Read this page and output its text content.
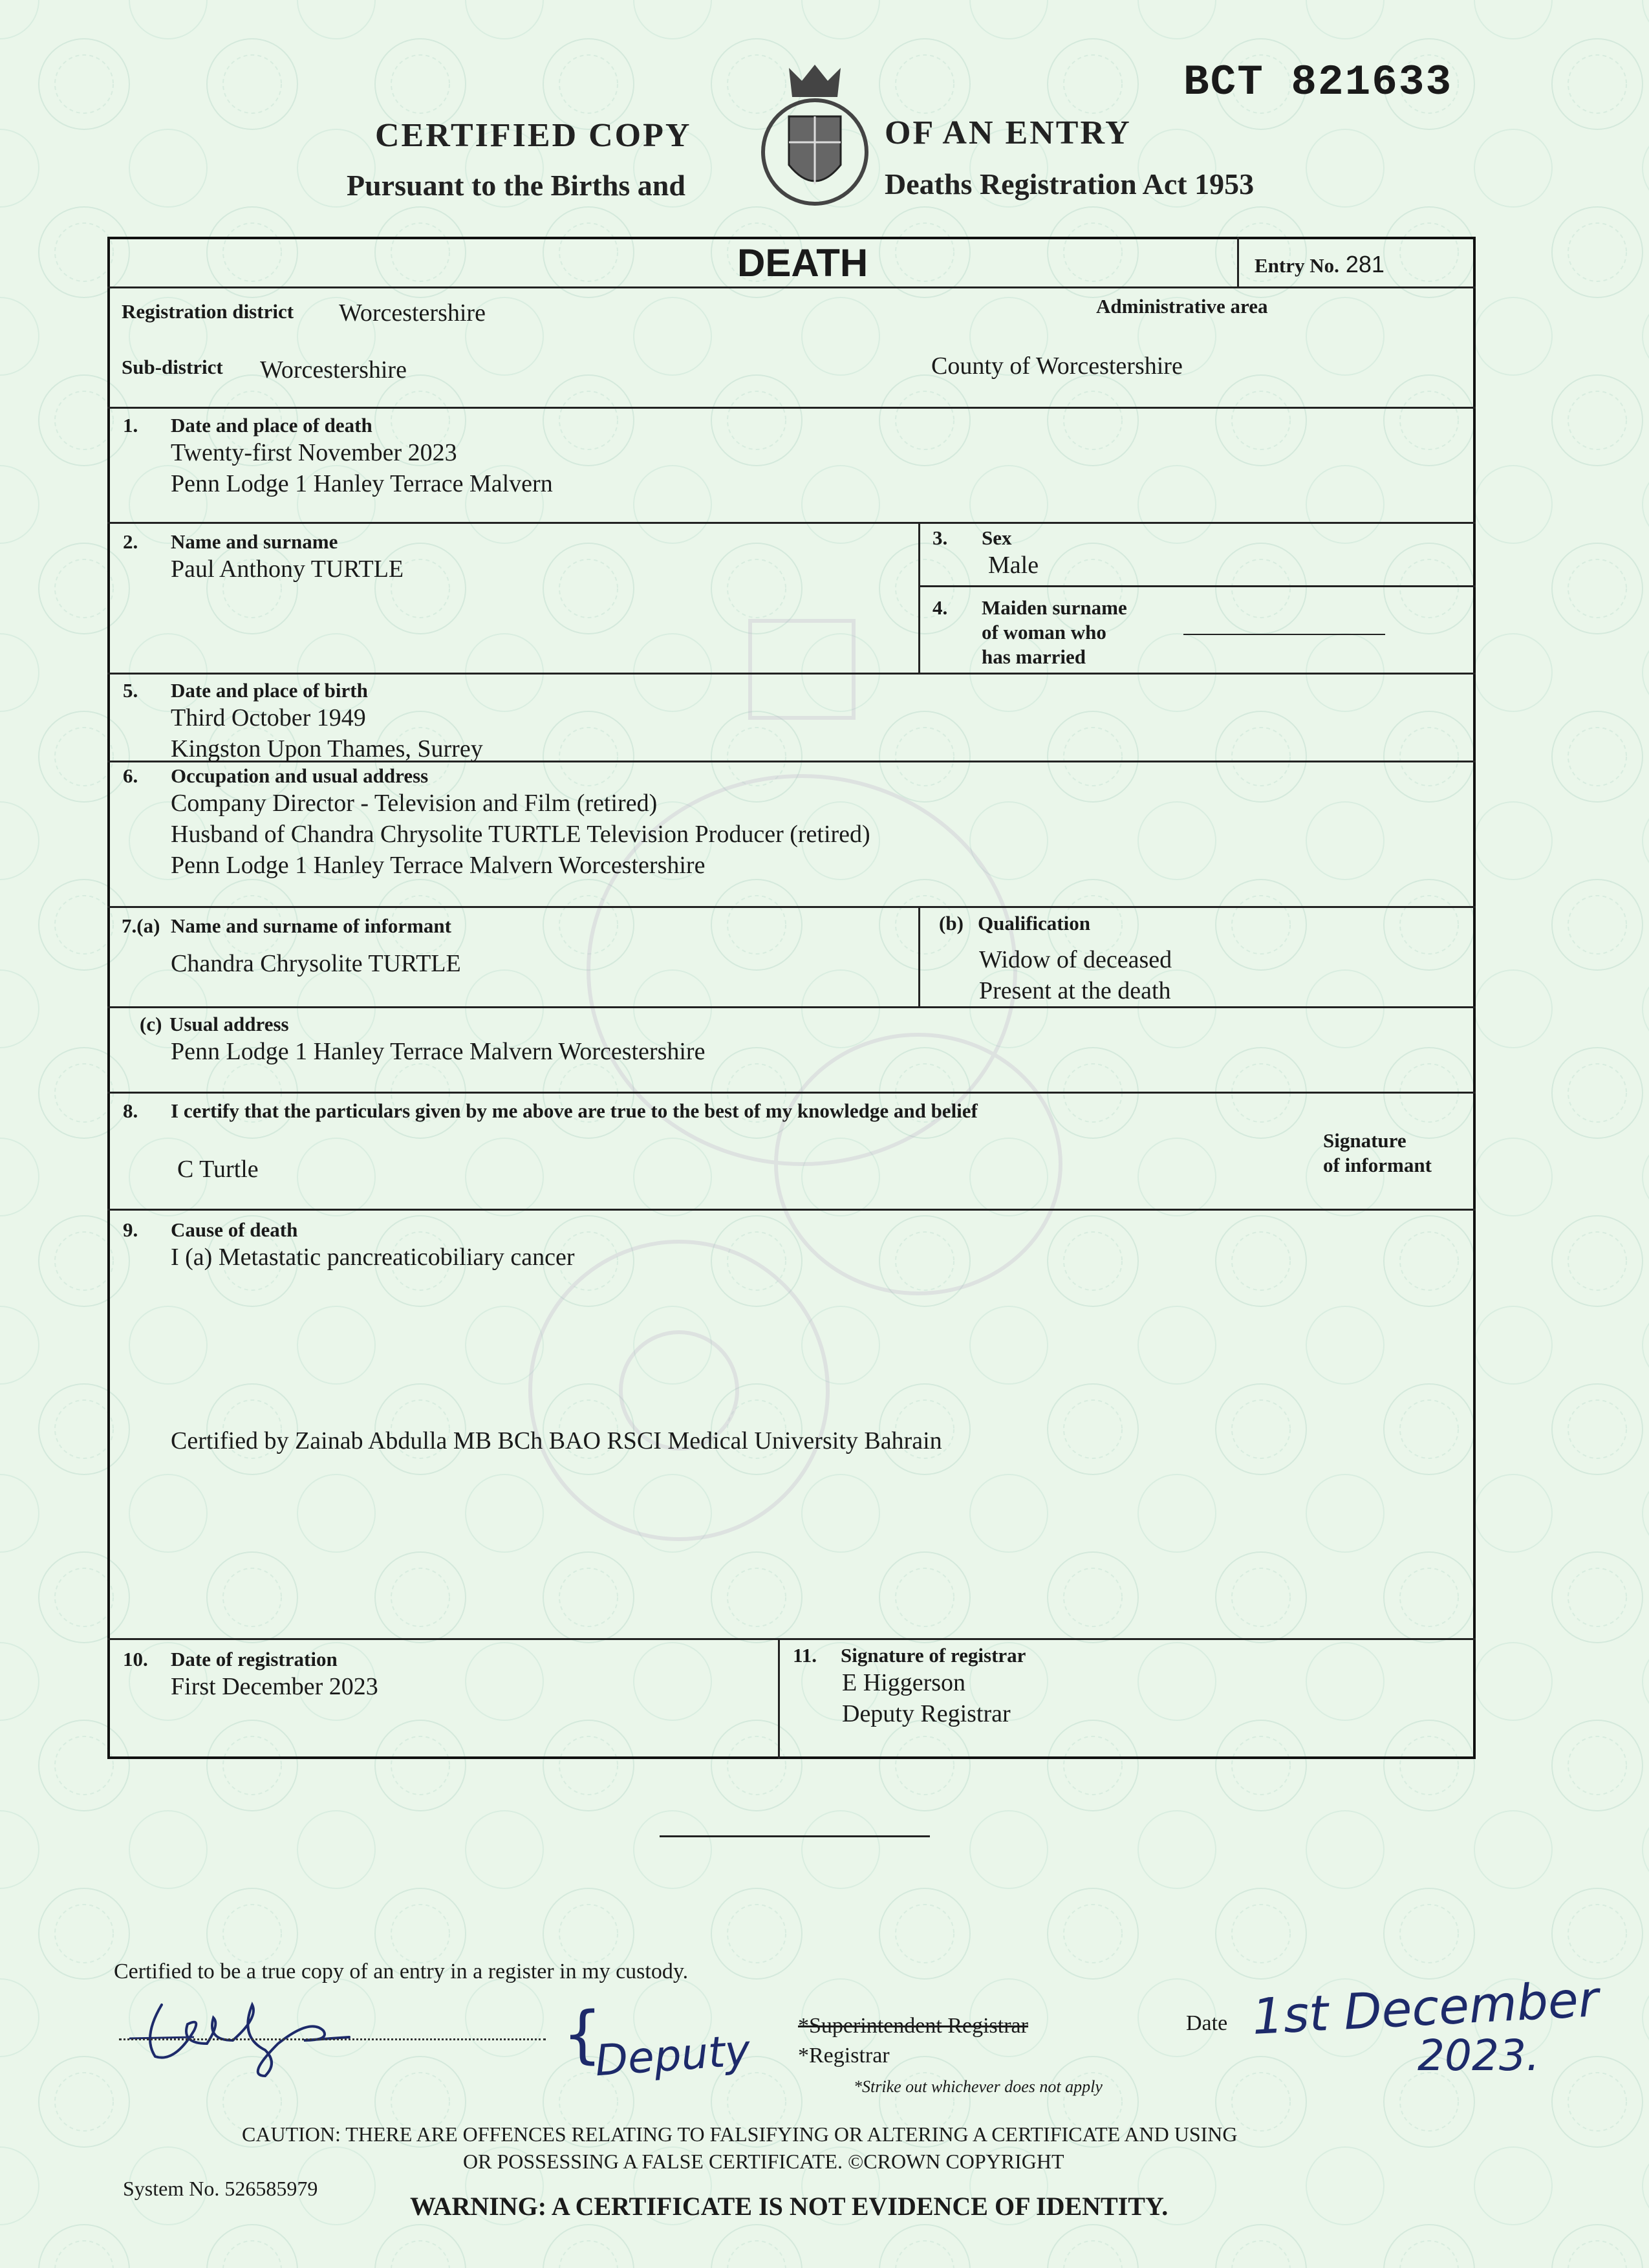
BCT 821633
CERTIFIED COPY	OF AN ENTRY
Pursuant to the Births and	Deaths Registration Act 1953
DEATH	Entry No. 281
Registration district Worcestershire	Administrative area
Sub-district Worcestershire	County of Worcestershire
1. Date and place of death
Twenty-first November 2023
Penn Lodge 1 Hanley Terrace Malvern
2. Name and surname
Paul Anthony TURTLE
3. Sex
Male
4. Maiden surname
of woman who
has married
5. Date and place of birth
Third October 1949
Kingston Upon Thames, Surrey
6. Occupation and usual address
Company Director - Television and Film (retired)
Husband of Chandra Chrysolite TURTLE Television Producer (retired)
Penn Lodge 1 Hanley Terrace Malvern Worcestershire
7.(a) Name and surname of informant
Chandra Chrysolite TURTLE
(b) Qualification
Widow of deceased
Present at the death
(c) Usual address
Penn Lodge 1 Hanley Terrace Malvern Worcestershire
8. I certify that the particulars given by me above are true to the best of my knowledge and belief
C Turtle
Signature
of informant
9. Cause of death
I (a) Metastatic pancreaticobiliary cancer
Certified by Zainab Abdulla MB BCh BAO RSCI Medical University Bahrain
10. Date of registration
First December 2023
11. Signature of registrar
E Higgerson
Deputy Registrar
Certified to be a true copy of an entry in a register in my custody.
{
Deputy *Superintendent Registrar
*Registrar
*Strike out whichever does not apply
Date 1st December
2023.
CAUTION: THERE ARE OFFENCES RELATING TO FALSIFYING OR ALTERING A CERTIFICATE AND USING
OR POSSESSING A FALSE CERTIFICATE. ©CROWN COPYRIGHT
System No. 526585979
WARNING: A CERTIFICATE IS NOT EVIDENCE OF IDENTITY.
